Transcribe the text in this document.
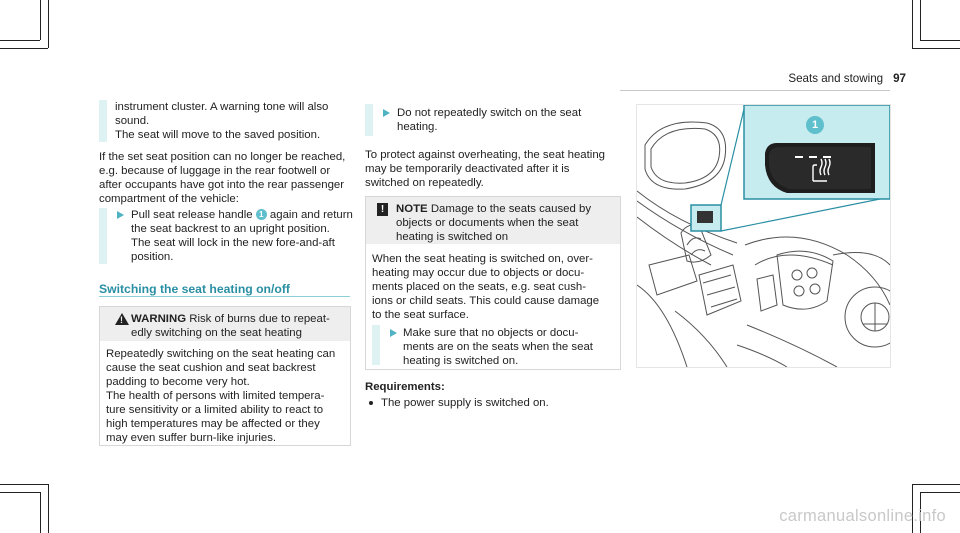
Seats and stowing 97

instrument cluster. A warning tone will also
sound.
The seat will move to the saved position.

If the set seat position can no longer be reached,
e.g. because of luggage in the rear footwell or
after occupants have got into the rear passenger
compartment of the vehicle:

Pull seat release handle 1 again and return

the seat backrest to an upright position.
The seat will lock in the new fore-and-aft
position.

Switching the seat heating on/off
!

WARNING Risk of burns due to repeat-

edly switching on the seat heating

Repeatedly switching on the seat heating can
cause the seat cushion and seat backrest
padding to become very hot.
The health of persons with limited tempera-
ture sensitivity or a limited ability to react to
high temperatures may be affected or they
may even suffer burn-like injuries.

Do not repeatedly switch on the seat
heating.

To protect against overheating, the seat heating
may be temporarily deactivated after it is
switched on repeatedly.

!	NOTE Damage to the seats caused by

objects or documents when the seat
heating is switched on

When the seat heating is switched on, over-
heating may occur due to objects or docu-
ments placed on the seats, e.g. seat cush-
ions or child seats. This could cause damage
to the seat surface.

Make sure that no objects or docu-
ments are on the seats when the seat
heating is switched on.

Requirements:

The power supply is switched on.

1
carmanualsonline.info
